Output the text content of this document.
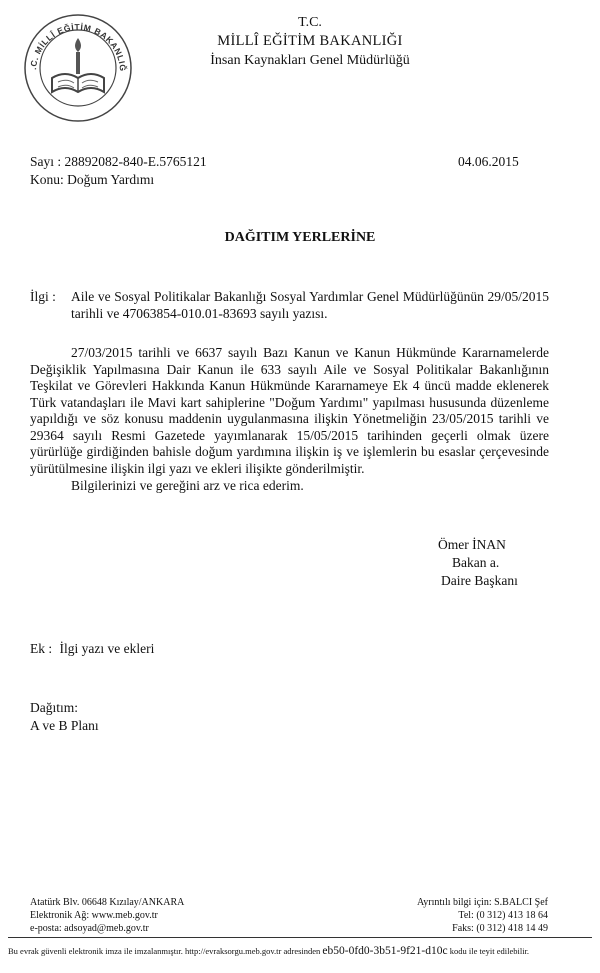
.C. MİLLÎ EĞİTİM BAKANLIĞ
T.C.
MİLLÎ EĞİTİM BAKANLIĞI
İnsan Kaynakları Genel Müdürlüğü
Sayı : 28892082-840-E.5765121	04.06.2015
Konu: Doğum Yardımı
DAĞITIM YERLERİNE
İlgi : Aile ve Sosyal Politikalar Bakanlığı Sosyal Yardımlar Genel Müdürlüğünün 29/05/2015 tarihli ve 47063854-010.01-83693 sayılı yazısı.
27/03/2015 tarihli ve 6637 sayılı Bazı Kanun ve Kanun Hükmünde Kararnamelerde Değişiklik Yapılmasına Dair Kanun ile 633 sayılı Aile ve Sosyal Politikalar Bakanlığının Teşkilat ve Görevleri Hakkında Kanun Hükmünde Kararnameye Ek 4 üncü madde eklenerek Türk vatandaşları ile Mavi kart sahiplerine "Doğum Yardımı" yapılması hususunda düzenleme yapıldığı ve söz konusu maddenin uygulanmasına ilişkin Yönetmeliğin 23/05/2015 tarihli ve 29364 sayılı Resmi Gazetede yayımlanarak 15/05/2015 tarihinden geçerli olmak üzere yürürlüğe girdiğinden bahisle doğum yardımına ilişkin iş ve işlemlerin bu esaslar çerçevesinde yürütülmesine ilişkin ilgi yazı ve ekleri ilişikte gönderilmiştir.
Bilgilerinizi ve gereğini arz ve rica ederim.
Ömer İNAN
Bakan a.
Daire Başkanı
Ek : İlgi yazı ve ekleri
Dağıtım:
A ve B Planı
Atatürk Blv. 06648 Kızılay/ANKARA
Elektronik Ağ: www.meb.gov.tr
e-posta: adsoyad@meb.gov.tr
Ayrıntılı bilgi için: S.BALCI Şef
Tel: (0 312) 413 18 64
Faks: (0 312) 418 14 49
Bu evrak güvenli elektronik imza ile imzalanmıştır. http://evraksorgu.meb.gov.tr adresinden eb50-0fd0-3b51-9f21-d10c kodu ile teyit edilebilir.
